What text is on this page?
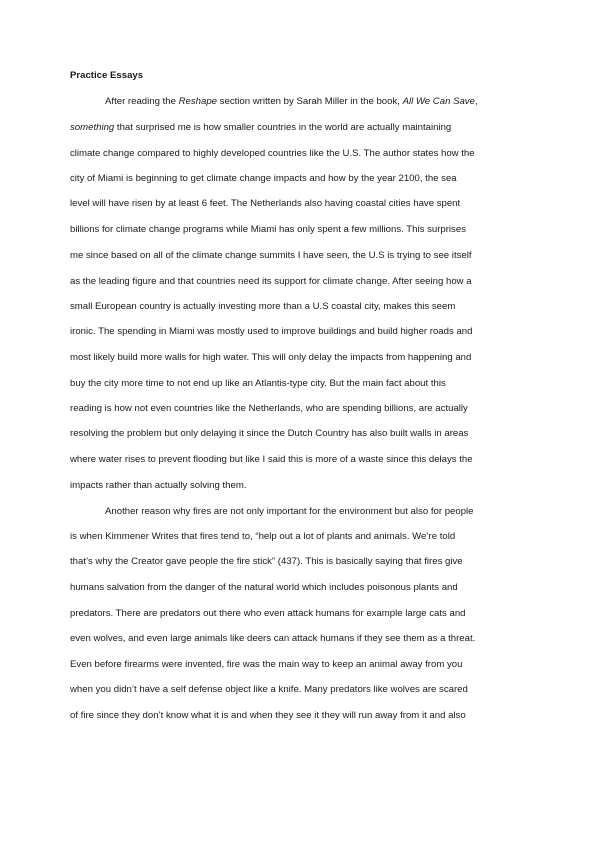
Practice Essays
After reading the Reshape section written by Sarah Miller in the book, All We Can Save,
something that surprised me is how smaller countries in the world are actually maintaining
climate change compared to highly developed countries like the U.S. The author states how the
city of Miami is beginning to get climate change impacts and how by the year 2100, the sea
level will have risen by at least 6 feet. The Netherlands also having coastal cities have spent
billions for climate change programs while Miami has only spent a few millions. This surprises
me since based on all of the climate change summits I have seen, the U.S is trying to see itself
as the leading figure and that countries need its support for climate change. After seeing how a
small European country is actually investing more than a U.S coastal city, makes this seem
ironic. The spending in Miami was mostly used to improve buildings and build higher roads and
most likely build more walls for high water. This will only delay the impacts from happening and
buy the city more time to not end up like an Atlantis-type city. But the main fact about this
reading is how not even countries like the Netherlands, who are spending billions, are actually
resolving the problem but only delaying it since the Dutch Country has also built walls in areas
where water rises to prevent flooding but like I said this is more of a waste since this delays the
impacts rather than actually solving them.
Another reason why fires are not only important for the environment but also for people
is when Kimmener Writes that fires tend to, “help out a lot of plants and animals. We’re told
that’s why the Creator gave people the fire stick” (437). This is basically saying that fires give
humans salvation from the danger of the natural world which includes poisonous plants and
predators. There are predators out there who even attack humans for example large cats and
even wolves, and even large animals like deers can attack humans if they see them as a threat.
Even before firearms were invented, fire was the main way to keep an animal away from you
when you didn’t have a self defense object like a knife. Many predators like wolves are scared
of fire since they don’t know what it is and when they see it they will run away from it and also
